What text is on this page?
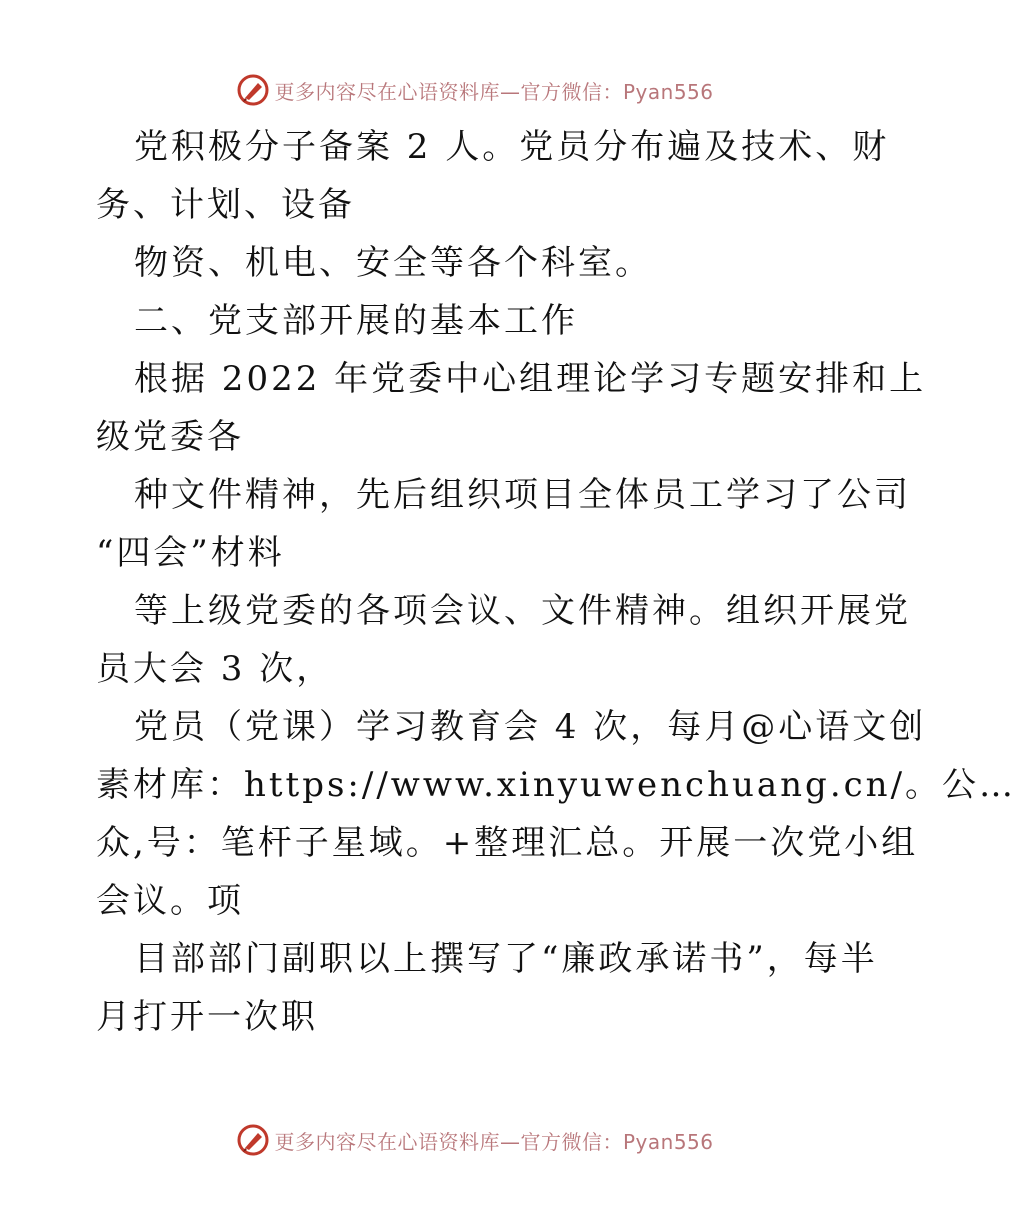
更多内容尽在心语资料库—官方微信：Pyan556
党积极分子备案 2 人。党员分布遍及技术、财
务、计划、设备
物资、机电、安全等各个科室。
二、党支部开展的基本工作
根据 2022 年党委中心组理论学习专题安排和上
级党委各
种文件精神，先后组织项目全体员工学习了公司
“四会”材料
等上级党委的各项会议、文件精神。组织开展党
员大会 3 次，
党员（党课）学习教育会 4 次，每月@心语文创
素材库：https://www.xinyuwenchuang.cn/。公…
众,号：笔杆子星域。+整理汇总。开展一次党小组
会议。项
目部部门副职以上撰写了“廉政承诺书”，每半
月打开一次职
更多内容尽在心语资料库—官方微信：Pyan556
